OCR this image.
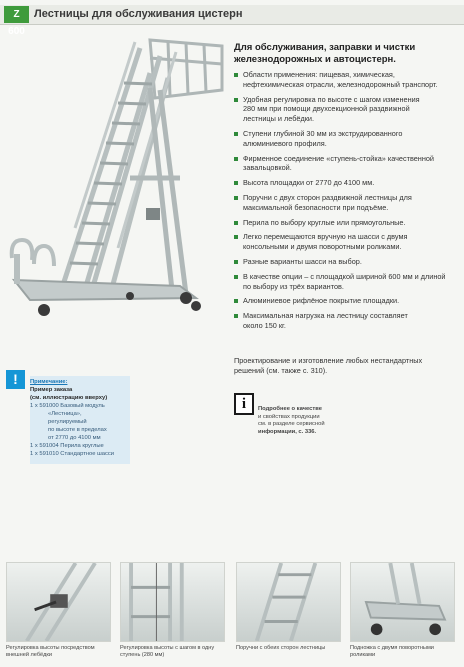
Z 600
Лестницы для обслуживания цистерн
Для обслуживания, заправки и чистки
железнодорожных и автоцистерн.
Области применения: пищевая, химическая,
нефтехимическая отрасли, железнодорожный транспорт.
Удобная регулировка по высоте с шагом изменения
280 мм при помощи двухсекционной раздвижной
лестницы и лебёдки.
Ступени глубиной 30 мм из экструдированного
алюминиевого профиля.
Фирменное соединение «ступень-стойка» качественной
завальцовкой.
Высота площадки от 2770 до 4100 мм.
Поручни с двух сторон раздвижной лестницы для
максимальной безопасности при подъёме.
Перила по выбору круглые или прямоугольные.
Легко перемещаются вручную на шасси с двумя
консольными и двумя поворотными роликами.
Разные варианты шасси на выбор.
В качестве опции – с площадкой шириной 600 мм и длиной
по выбору из трёх вариантов.
Алюминиевое рифлёное покрытие площадки.
Максимальная нагрузка на лестницу составляет
около 150 кг.
Проектирование и изготовление любых нестандартных
решений (см. также с. 310).
!	Примечание:
Пример заказа
(см. иллюстрацию вверху)
1 x 591000 Базовый модуль
«Лестница»,
регулируемый
по высоте в пределах
от 2770 до 4100 мм
1 x 591004 Перила круглые
1 x 591010 Стандартное шасси
i	Подробнее о качестве
и свойствах продукции
см. в разделе сервисной
информации, с. 336.
Регулировка высоты посредством
внешней лебёдки
Регулировка высоты с шагом в одну
ступень (280 мм)
Поручни с обеих сторон лестницы	Подножка с двумя поворотными
роликами
